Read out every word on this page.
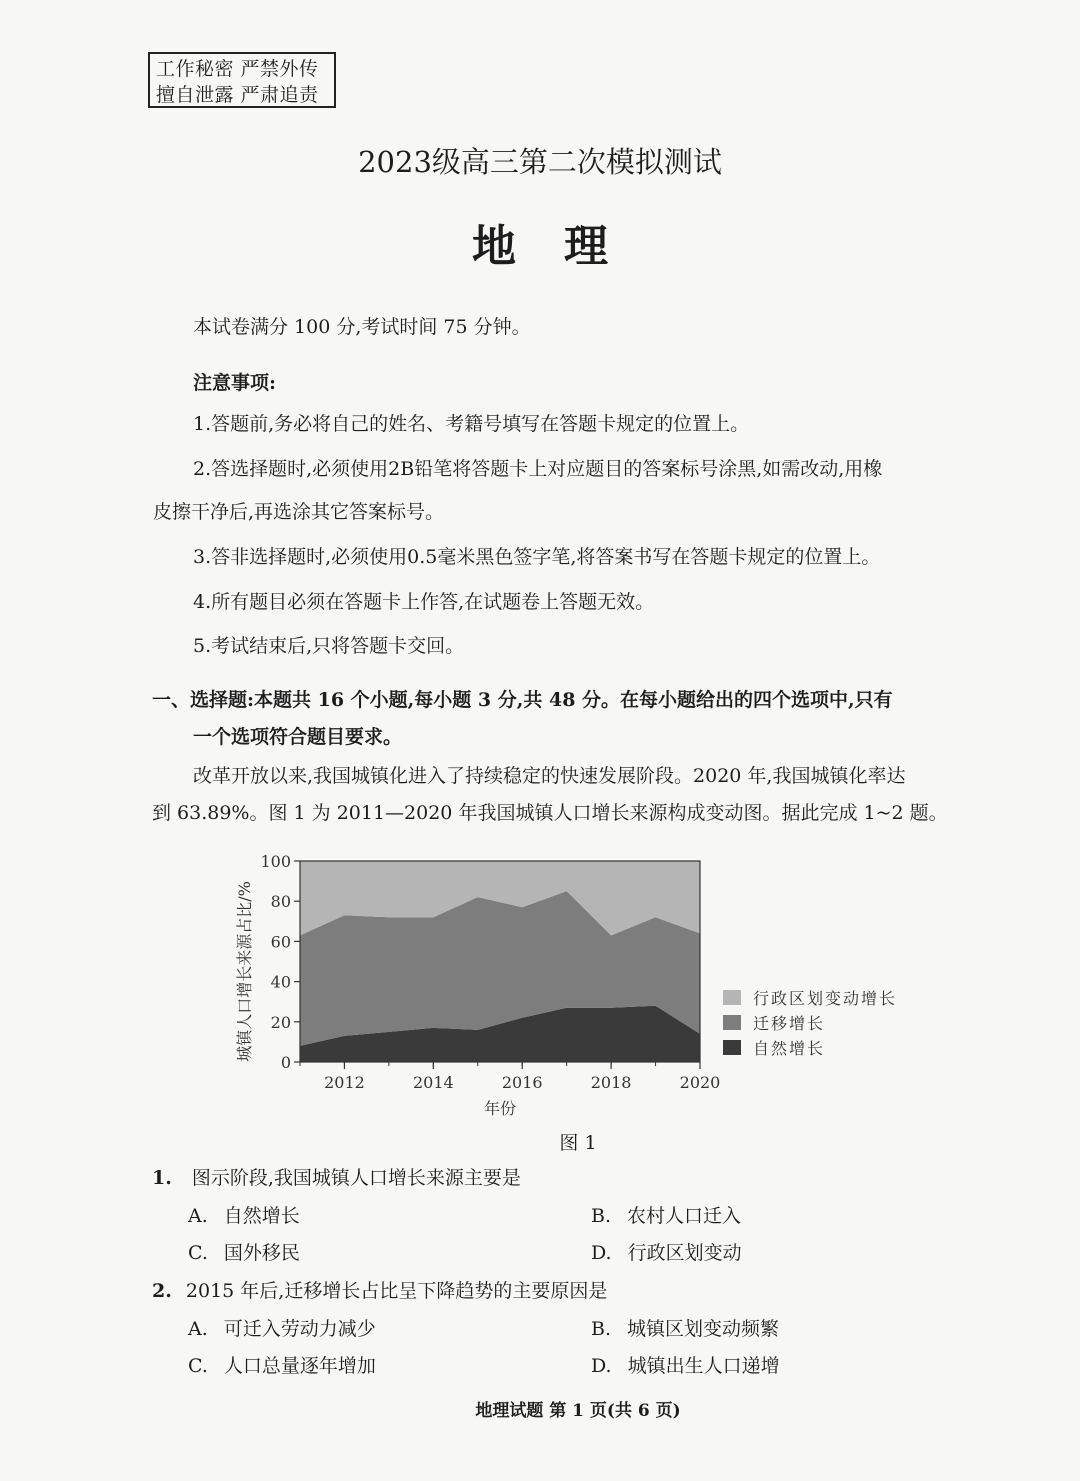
工作秘密 严禁外传
擅自泄露 严肃追责
2023级高三第二次模拟测试
地理
本试卷满分 100 分,考试时间 75 分钟。
注意事项:
1.答题前,务必将自己的姓名、考籍号填写在答题卡规定的位置上。
2.答选择题时,必须使用2B铅笔将答题卡上对应题目的答案标号涂黑,如需改动,用橡
皮擦干净后,再选涂其它答案标号。
3.答非选择题时,必须使用0.5毫米黑色签字笔,将答案书写在答题卡规定的位置上。
4.所有题目必须在答题卡上作答,在试题卷上答题无效。
5.考试结束后,只将答题卡交回。
一、选择题:本题共 16 个小题,每小题 3 分,共 48 分。在每小题给出的四个选项中,只有
一个选项符合题目要求。
改革开放以来,我国城镇化进入了持续稳定的快速发展阶段。2020 年,我国城镇化率达
到 63.89%。图 1 为 2011—2020 年我国城镇人口增长来源构成变动图。据此完成 1~2 题。
0
20
40
60
80
100
2012	2014	2016	2018	2020
城镇人口增长来源占比/%
年份
行政区划变动增长
迁移增长
自然增长
图 1
1. 图示阶段,我国城镇人口增长来源主要是
A. 自然增长	B. 农村人口迁入
C. 国外移民	D. 行政区划变动
2. 2015 年后,迁移增长占比呈下降趋势的主要原因是
A. 可迁入劳动力减少	B. 城镇区划变动频繁
C. 人口总量逐年增加	D. 城镇出生人口递增
地理试题 第 1 页(共 6 页)
